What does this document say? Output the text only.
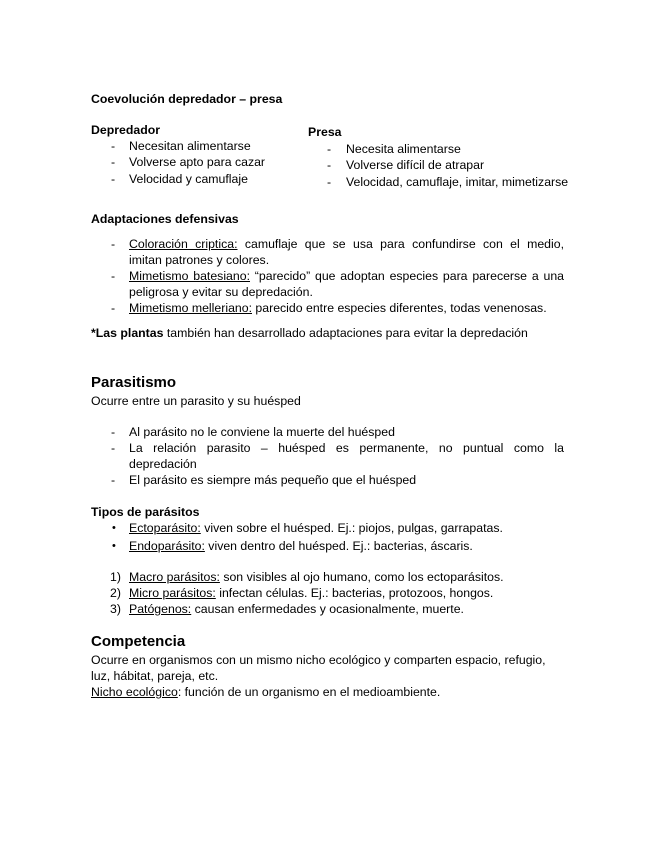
Coevolución depredador – presa
Depredador
-	Necesitan alimentarse
-	Volverse apto para cazar
-	Velocidad y camuflaje
Presa
-	Necesita alimentarse
-	Volverse difícil de atrapar
-	Velocidad, camuflaje, imitar, mimetizarse
Adaptaciones defensivas
-	Coloración criptica: camuflaje que se usa para confundirse con el medio,
imitan patrones y colores.
-	Mimetismo batesiano: “parecido” que adoptan especies para parecerse a una
peligrosa y evitar su depredación.
-	Mimetismo melleriano: parecido entre especies diferentes, todas venenosas.
*Las plantas también han desarrollado adaptaciones para evitar la depredación
Parasitismo
Ocurre entre un parasito y su huésped
-	Al parásito no le conviene la muerte del huésped
-	La relación parasito – huésped es permanente, no puntual como la
depredación
-	El parásito es siempre más pequeño que el huésped
Tipos de parásitos
• Ectoparásito: viven sobre el huésped. Ej.: piojos, pulgas, garrapatas.
• Endoparásito: viven dentro del huésped. Ej.: bacterias, áscaris.
1) Macro parásitos: son visibles al ojo humano, como los ectoparásitos.
2) Micro parásitos: infectan células. Ej.: bacterias, protozoos, hongos.
3) Patógenos: causan enfermedades y ocasionalmente, muerte.
Competencia
Ocurre en organismos con un mismo nicho ecológico y comparten espacio, refugio,
luz, hábitat, pareja, etc.
Nicho ecológico: función de un organismo en el medioambiente.
